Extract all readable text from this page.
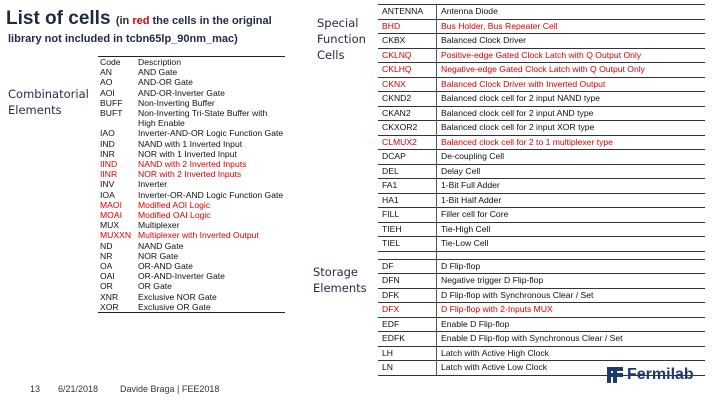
List of cells (in red the cells in the original
library not included in tcbn65lp_90nm_mac)
Combinatorial Elements
Code	Description
AN	AND Gate
AO	AND-OR Gate
AOI	AND-OR-Inverter Gate
BUFF	Non-Inverting Buffer
BUFT	Non-Inverting Tri-State Buffer with High Enable
IAO	Inverter-AND-OR Logic Function Gate
IND	NAND with 1 Inverted Input
INR	NOR with 1 Inverted Input
IIND	NAND with 2 Inverted Inputs
IINR	NOR with 2 Inverted Inputs
INV	Inverter
IOA	Inverter-OR-AND Logic Function Gate
MAOI	Modified AOI Logic
MOAI	Modified OAI Logic
MUX	Multiplexer
MUXXN	Multiplexer with Inverted Output
ND	NAND Gate
NR	NOR Gate
OA	OR-AND Gate
OAI	OR-AND-Inverter Gate
OR	OR Gate
XNR	Exclusive NOR Gate
XOR	Exclusive OR Gate
Special Function Cells
Storage Elements
ANTENNA	Antenna Diode
BHD	Bus Holder, Bus Repeater Cell
CKBX	Balanced Clock Driver
CKLNQ	Positive-edge Gated Clock Latch with Q Output Only
CKLHQ	Negative-edge Gated Clock Latch with Q Output Only
CKNX	Balanced Clock Driver with Inverted Output
CKND2	Balanced clock cell for 2 input NAND type
CKAN2	Balanced clock cell for 2 input AND type
CKXOR2	Balanced clock cell for 2 input XOR type
CLMUX2	Balanced clock cell for 2 to 1 multiplexer type
DCAP	De-coupling Cell
DEL	Delay Cell
FA1	1-Bit Full Adder
HA1	1-Bit Half Adder
FILL	Filler cell for Core
TIEH	Tie-High Cell
TIEL	Tie-Low Cell

DF	D Flip-flop
DFN	Negative trigger D Flip-flop
DFK	D Flip-flop with Synchronous Clear / Set
DFX	D Flip-flop with 2-Inputs MUX
EDF	Enable D Flip-flop
EDFK	Enable D Flip-flop with Synchronous Clear / Set
LH	Latch with Active High Clock
LN	Latch with Active Low Clock
13 6/21/2018 Davide Braga | FEE2018
Fermilab
